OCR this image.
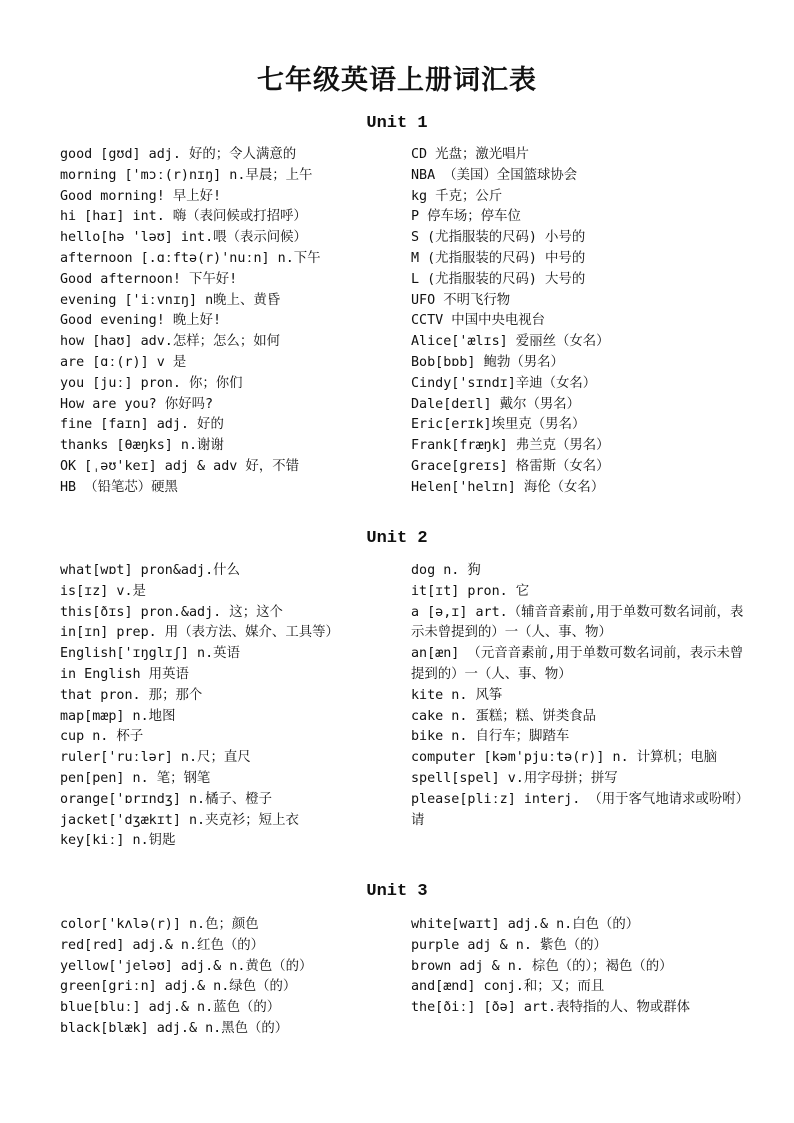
七年级英语上册词汇表
Unit 1
good [gʊd] adj. 好的；令人满意的
morning ['mɔː(r)nɪŋ] n.早晨；上午
Good morning! 早上好!
hi [haɪ] int. 嗨（表问候或打招呼）
hello[hə 'ləʊ] int.喂（表示问候）
afternoon [.ɑːftə(r)'nuːn] n.下午
Good afternoon! 下午好!
evening ['iːvnɪŋ] n晚上、黄昏
Good evening! 晚上好!
how [haʊ] adv.怎样；怎么；如何
are [ɑː(r)] v 是
you [juː] pron. 你；你们
How are you? 你好吗?
fine [faɪn] adj. 好的
thanks [θæŋks] n.谢谢
OK [ˌəʊ'keɪ] adj & adv 好，不错
HB （铅笔芯）硬黑
CD 光盘；激光唱片
NBA （美国）全国篮球协会
kg 千克；公斤
P 停车场；停车位
S (尤指服装的尺码) 小号的
M (尤指服装的尺码) 中号的
L (尤指服装的尺码) 大号的
UFO 不明飞行物
CCTV 中国中央电视台
Alice['ælɪs] 爱丽丝（女名）
Bob[bɒb] 鲍勃（男名）
Cindy['sɪndɪ]辛迪（女名）
Dale[deɪl] 戴尔（男名）
Eric[erɪk]埃里克（男名）
Frank[fræŋk] 弗兰克（男名）
Grace[greɪs] 格雷斯（女名）
Helen['helɪn] 海伦（女名）
Unit 2
what[wɒt] pron&adj.什么
is[ɪz] v.是
this[ðɪs] pron.&adj. 这；这个
in[ɪn] prep. 用（表方法、媒介、工具等）
English['ɪŋglɪʃ] n.英语
in English 用英语
that pron. 那；那个
map[mæp] n.地图
cup n. 杯子
ruler['ruːlər] n.尺；直尺
pen[pen] n. 笔；钢笔
orange['ɒrɪndʒ] n.橘子、橙子
jacket['dʒækɪt] n.夹克衫；短上衣
key[kiː] n.钥匙
dog n. 狗
it[ɪt] pron. 它
a [ə,ɪ] art.（辅音音素前,用于单数可数名词前，表示未曾提到的）一（人、事、物）
an[æn] （元音音素前,用于单数可数名词前，表示未曾提到的）一（人、事、物）
kite n. 风筝
cake n. 蛋糕；糕、饼类食品
bike n. 自行车；脚踏车
computer [kəm'pjuːtə(r)] n. 计算机；电脑
spell[spel] v.用字母拼；拼写
please[pliːz] interj. （用于客气地请求或吩咐）请
Unit 3
color['kʌlə(r)] n.色；颜色
red[red] adj.& n.红色（的）
yellow['jeləʊ] adj.& n.黄色（的）
green[griːn] adj.& n.绿色（的）
blue[bluː] adj.& n.蓝色（的）
black[blæk] adj.& n.黑色（的）
white[waɪt] adj.& n.白色（的）
purple adj & n. 紫色（的）
brown adj & n. 棕色（的）；褐色（的）
and[ænd] conj.和；又；而且
the[ðiː] [ðə] art.表特指的人、物或群体
